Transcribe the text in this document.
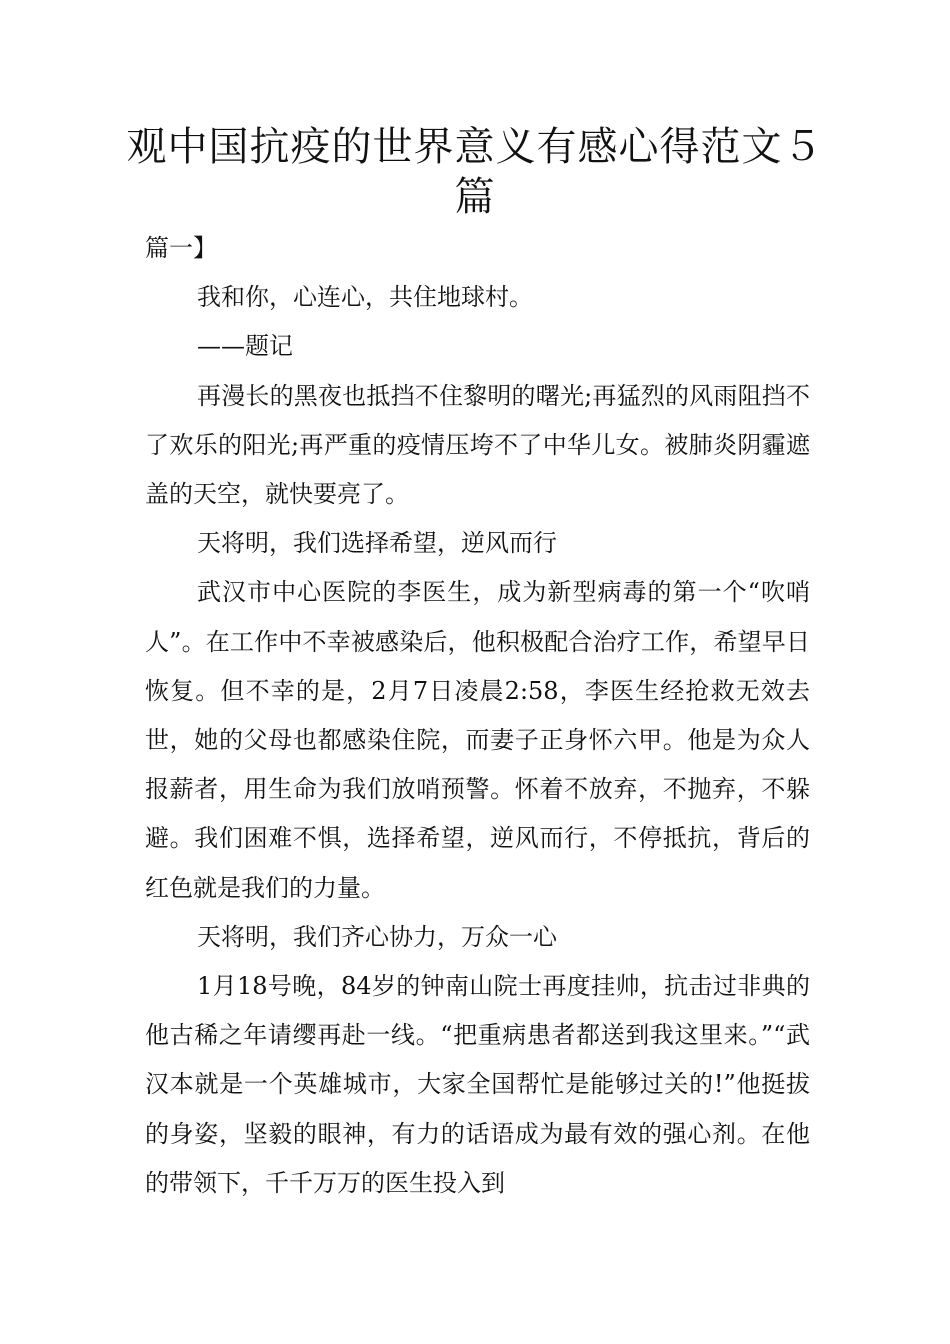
观中国抗疫的世界意义有感心得范文５
篇

篇一】

我和你，心连心，共住地球村。

——题记

再漫长的黑夜也抵挡不住黎明的曙光;再猛烈的风雨阻挡不了欢乐的阳光;再严重的疫情压垮不了中华儿女。被肺炎阴霾遮盖的天空，就快要亮了。

天将明，我们选择希望，逆风而行

武汉市中心医院的李医生，成为新型病毒的第一个“吹哨人”。在工作中不幸被感染后，他积极配合治疗工作，希望早日恢复。但不幸的是，2月7日凌晨2:58，李医生经抢救无效去世，她的父母也都感染住院，而妻子正身怀六甲。他是为众人报薪者，用生命为我们放哨预警。怀着不放弃，不抛弃，不躲避。我们困难不惧，选择希望，逆风而行，不停抵抗，背后的红色就是我们的力量。

天将明，我们齐心协力，万众一心

1月18号晚，84岁的钟南山院士再度挂帅，抗击过非典的他古稀之年请缨再赴一线。“把重病患者都送到我这里来。”“武汉本就是一个英雄城市，大家全国帮忙是能够过关的!”他挺拔的身姿，坚毅的眼神，有力的话语成为最有效的强心剂。在他的带领下，千千万万的医生投入到
